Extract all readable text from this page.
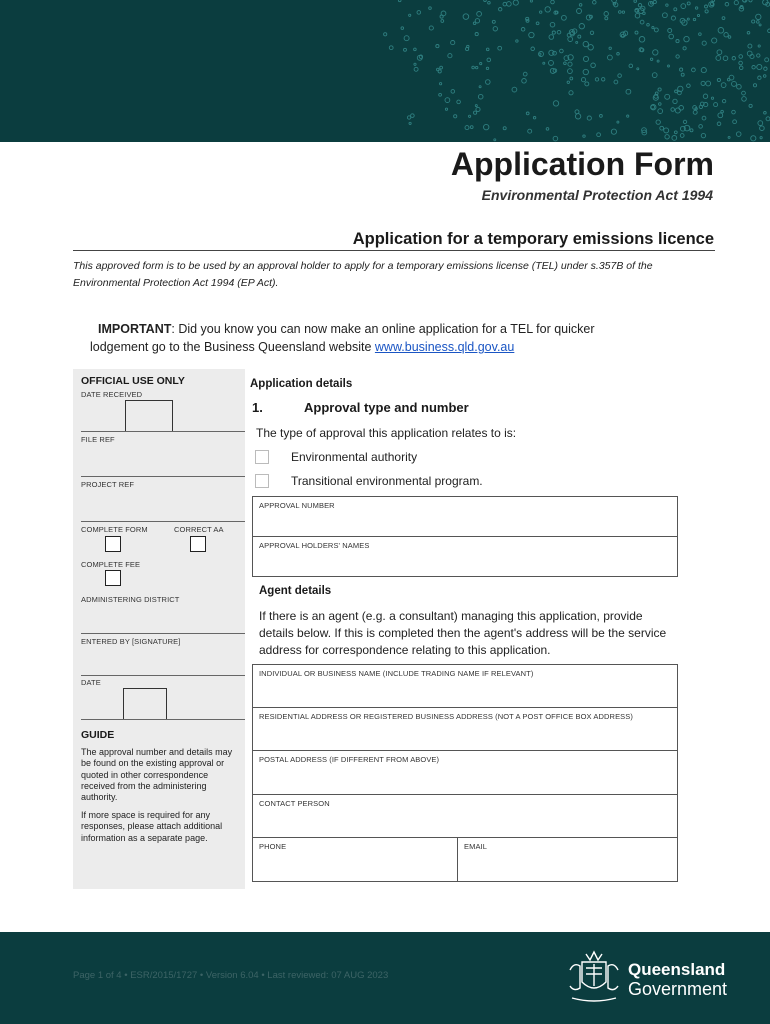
Application Form
Environmental Protection Act 1994
Application for a temporary emissions licence
This approved form is to be used by an approval holder to apply for a temporary emissions license (TEL) under s.357B of the Environmental Protection Act 1994 (EP Act).
IMPORTANT: Did you know you can now make an online application for a TEL for quicker lodgement go to the Business Queensland website www.business.qld.gov.au
OFFICIAL USE ONLY
DATE RECEIVED
FILE REF
PROJECT REF
COMPLETE FORM	CORRECT AA
COMPLETE FEE
ADMINISTERING DISTRICT
ENTERED BY [SIGNATURE]
DATE
GUIDE
The approval number and details may be found on the existing approval or quoted in other correspondence received from the administering authority.
If more space is required for any responses, please attach additional information as a separate page.
Application details
1.	Approval type and number
The type of approval this application relates to is:
Environmental authority
Transitional environmental program.
APPROVAL NUMBER
APPROVAL HOLDERS' NAMES
Agent details
If there is an agent (e.g. a consultant) managing this application, provide details below. If this is completed then the agent's address will be the service address for correspondence relating to this application.
INDIVIDUAL OR BUSINESS NAME (INCLUDE TRADING NAME IF RELEVANT)
RESIDENTIAL ADDRESS OR REGISTERED BUSINESS ADDRESS (NOT A POST OFFICE BOX ADDRESS)
POSTAL ADDRESS (IF DIFFERENT FROM ABOVE)
CONTACT PERSON
PHONE	EMAIL
Page 1 of 4 • ESR/2015/1727 • Version 6.04 • Last reviewed: 07 AUG 2023	Queensland
Government
